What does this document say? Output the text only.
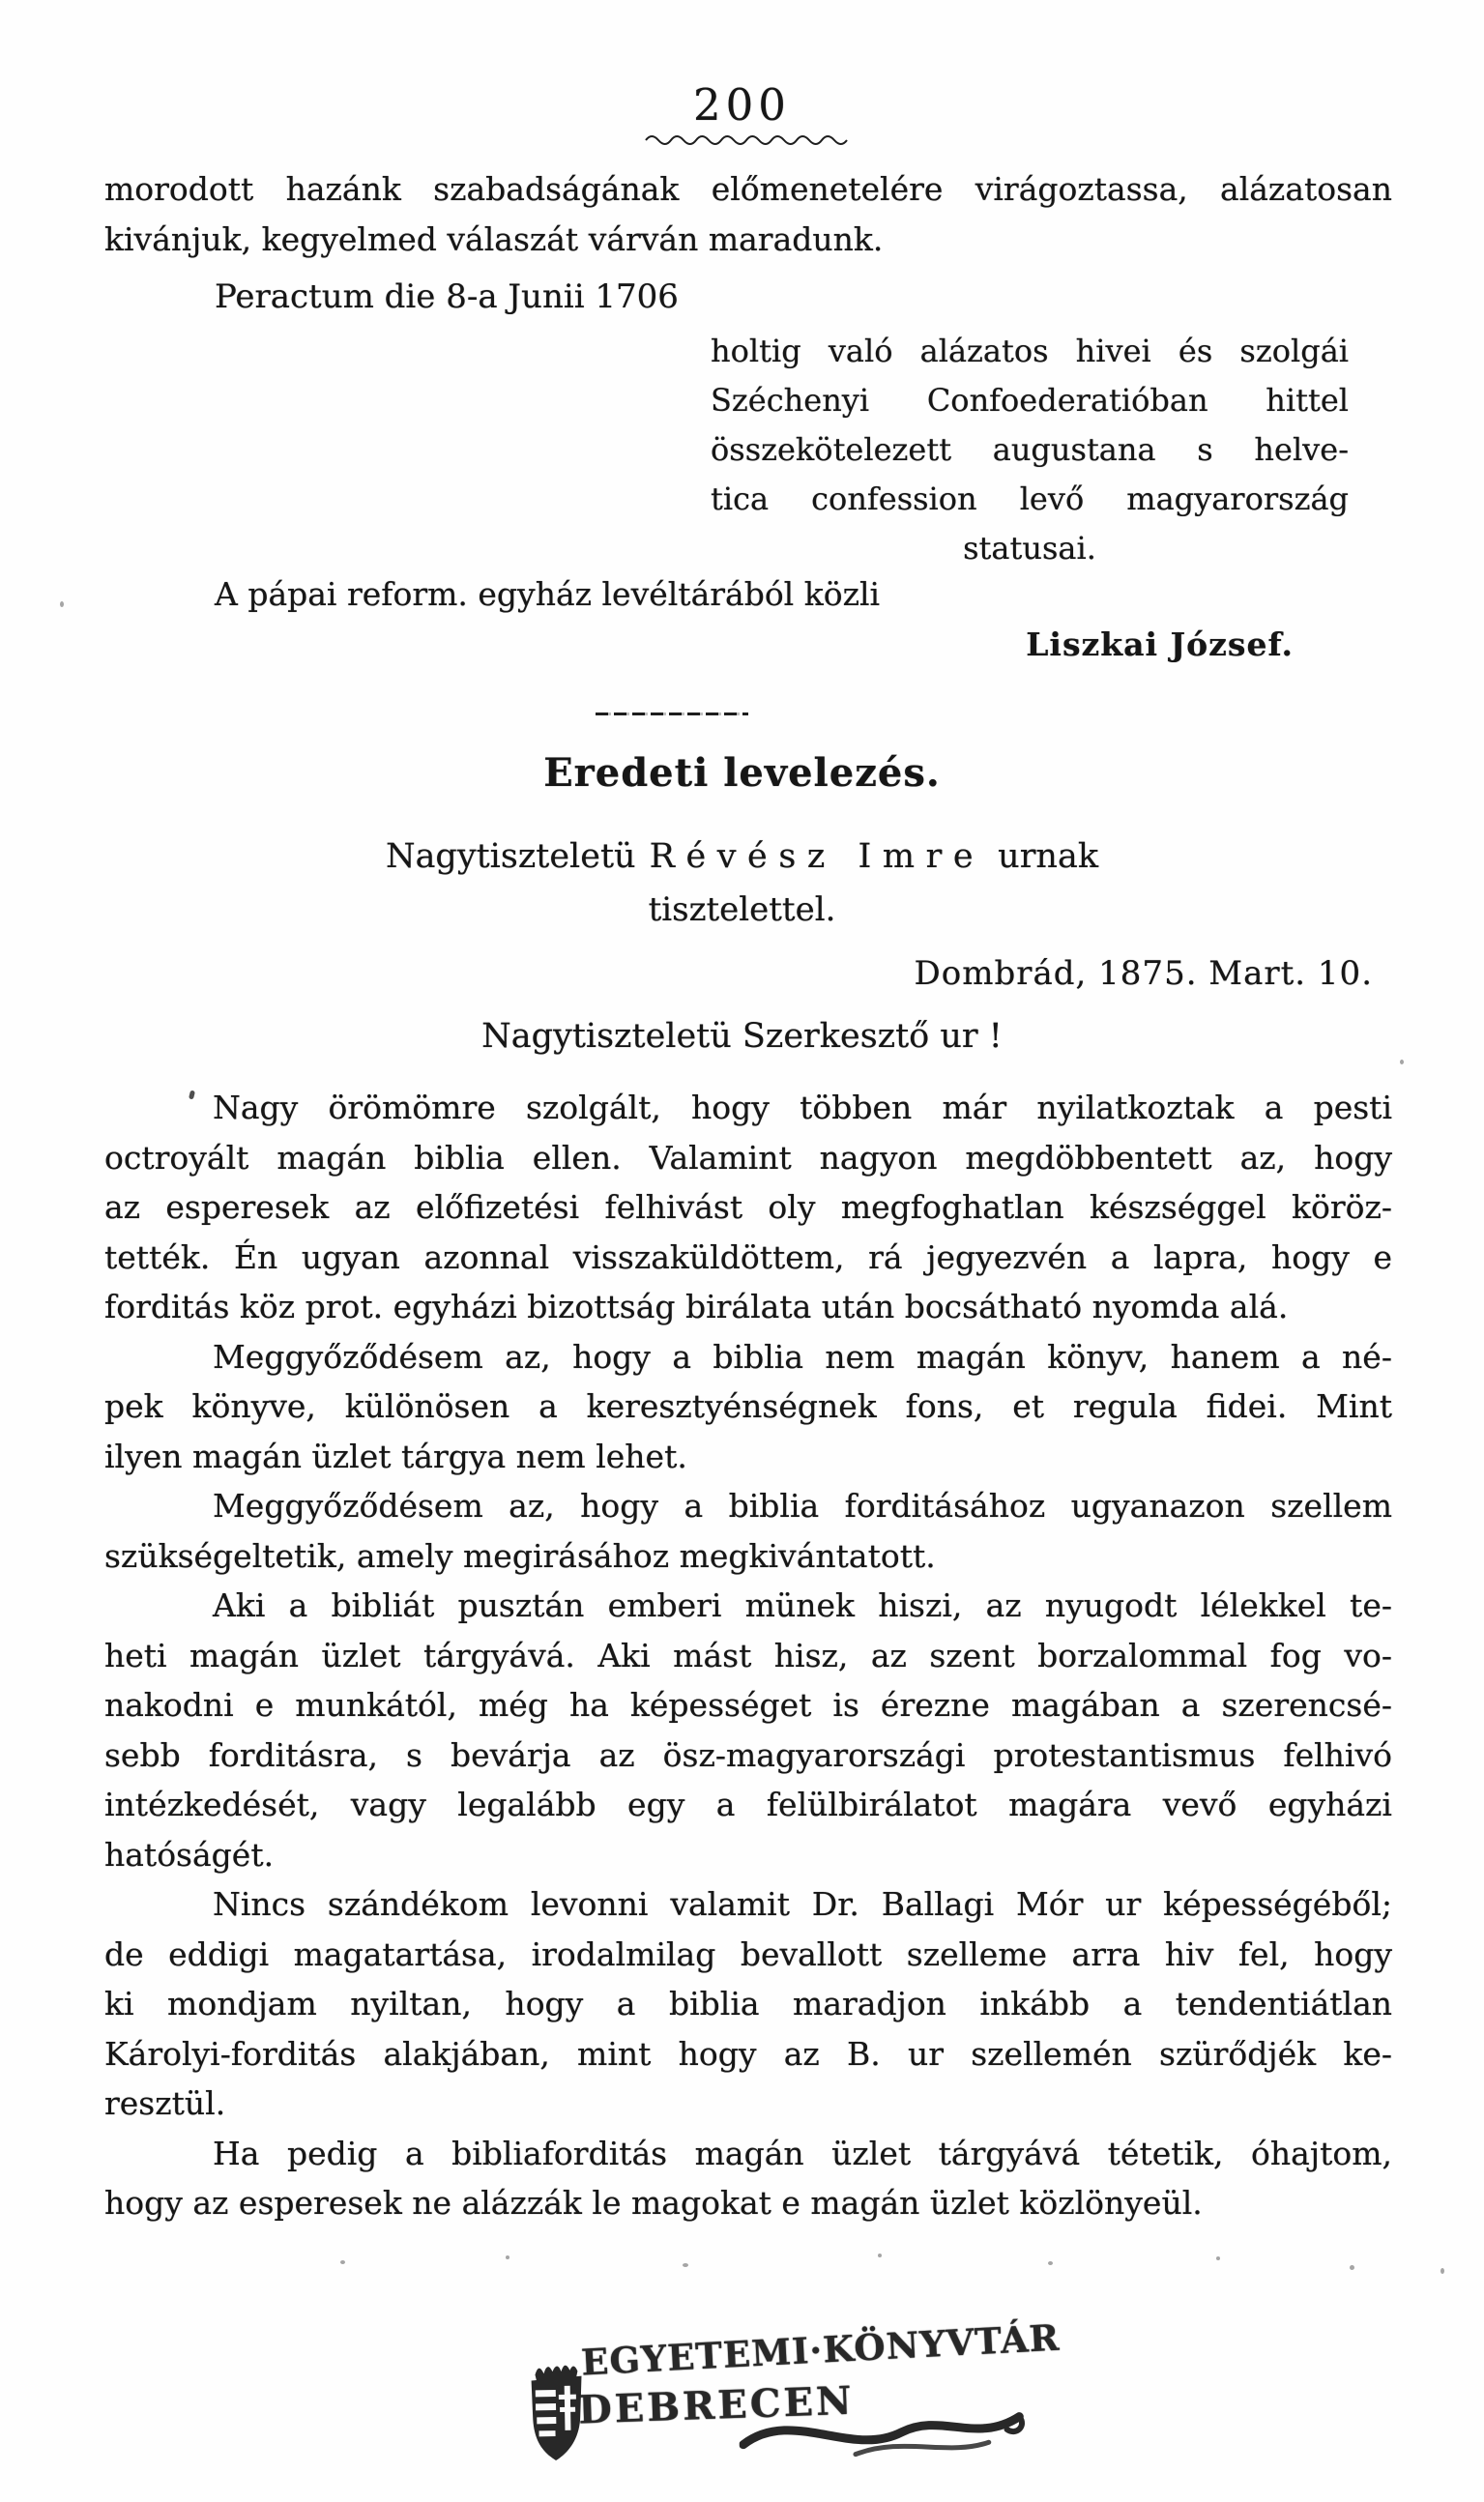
200
morodott hazánk szabadságának előmenetelére virágoztassa, alázatosan
kivánjuk, kegyelmed válaszát várván maradunk.
Peractum die 8-a Junii 1706
holtig való alázatos hivei és szolgái
Széchenyi Confoederatióban hittel
összekötelezett augustana s helve-
tica confession levő magyarország
statusai.
A pápai reform. egyház levéltárából közli
Liszkai József.
Eredeti levelezés.
Nagytiszteletü Révész Imre urnak
tisztelettel.
Dombrád, 1875. Mart. 10.
Nagytiszteletü Szerkesztő ur !
Nagy örömömre szolgált, hogy többen már nyilatkoztak a pesti
octroyált magán biblia ellen. Valamint nagyon megdöbbentett az, hogy
az esperesek az előfizetési felhivást oly megfoghatlan készséggel köröz-
tették. Én ugyan azonnal visszaküldöttem, rá jegyezvén a lapra, hogy e
forditás köz prot. egyházi bizottság birálata után bocsátható nyomda alá.
Meggyőződésem az, hogy a biblia nem magán könyv, hanem a né-
pek könyve, különösen a keresztyénségnek fons, et regula fidei. Mint
ilyen magán üzlet tárgya nem lehet.
Meggyőződésem az, hogy a biblia forditásához ugyanazon szellem
szükségeltetik, amely megirásához megkivántatott.
Aki a bibliát pusztán emberi münek hiszi, az nyugodt lélekkel te-
heti magán üzlet tárgyává. Aki mást hisz, az szent borzalommal fog vo-
nakodni e munkától, még ha képességet is érezne magában a szerencsé-
sebb forditásra, s bevárja az ösz-magyarországi protestantismus felhivó
intézkedését, vagy legalább egy a felülbirálatot magára vevő egyházi
hatóságét.
Nincs szándékom levonni valamit Dr. Ballagi Mór ur képességéből;
de eddigi magatartása, irodalmilag bevallott szelleme arra hiv fel, hogy
ki mondjam nyiltan, hogy a biblia maradjon inkább a tendentiátlan
Károlyi-forditás alakjában, mint hogy az B. ur szellemén szürődjék ke-
resztül.
Ha pedig a bibliaforditás magán üzlet tárgyává tétetik, óhajtom,
hogy az esperesek ne alázzák le magokat e magán üzlet közlönyeül.
EGYETEMI·KÖNYVTÁR
DEBRECEN
